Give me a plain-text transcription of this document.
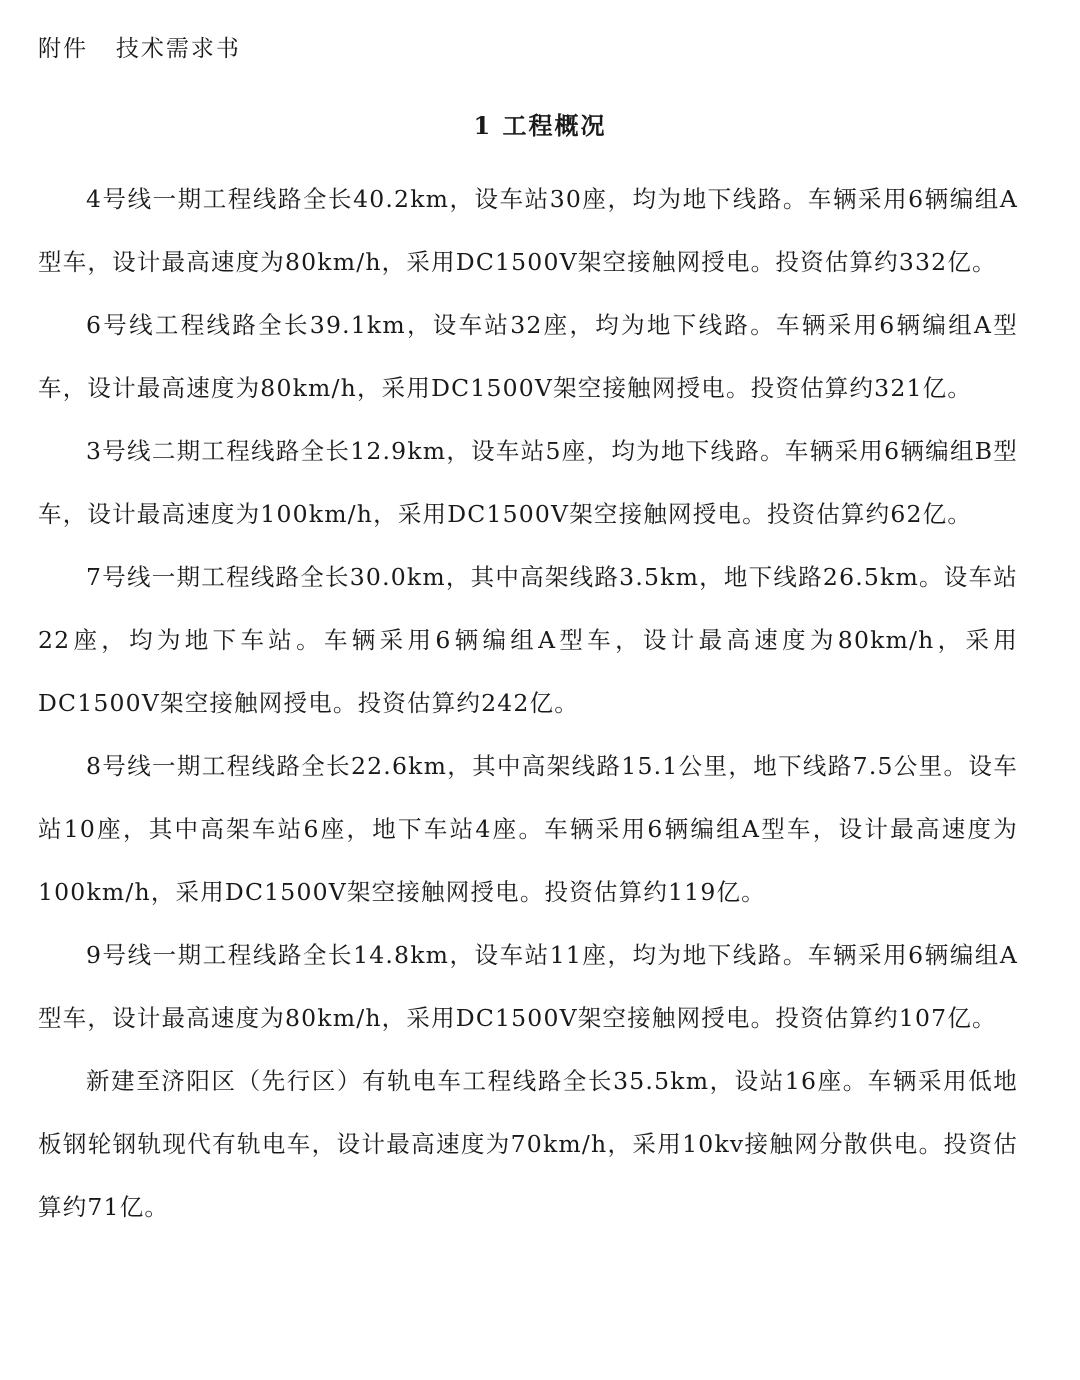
附件   技术需求书
1 工程概况

4号线一期工程线路全长40.2km，设车站30座，均为地下线路。车辆采用6辆编组A型车，设计最高速度为80km/h，采用DC1500V架空接触网授电。投资估算约332亿。

6号线工程线路全长39.1km，设车站32座，均为地下线路。车辆采用6辆编组A型车，设计最高速度为80km/h，采用DC1500V架空接触网授电。投资估算约321亿。

3号线二期工程线路全长12.9km，设车站5座，均为地下线路。车辆采用6辆编组B型车，设计最高速度为100km/h，采用DC1500V架空接触网授电。投资估算约62亿。

7号线一期工程线路全长30.0km，其中高架线路3.5km，地下线路26.5km。设车站22座，均为地下车站。车辆采用6辆编组A型车，设计最高速度为80km/h，采用DC1500V架空接触网授电。投资估算约242亿。

8号线一期工程线路全长22.6km，其中高架线路15.1公里，地下线路7.5公里。设车站10座，其中高架车站6座，地下车站4座。车辆采用6辆编组A型车，设计最高速度为100km/h，采用DC1500V架空接触网授电。投资估算约119亿。

9号线一期工程线路全长14.8km，设车站11座，均为地下线路。车辆采用6辆编组A型车，设计最高速度为80km/h，采用DC1500V架空接触网授电。投资估算约107亿。

新建至济阳区（先行区）有轨电车工程线路全长35.5km，设站16座。车辆采用低地板钢轮钢轨现代有轨电车，设计最高速度为70km/h，采用10kv接触网分散供电。投资估算约71亿。
